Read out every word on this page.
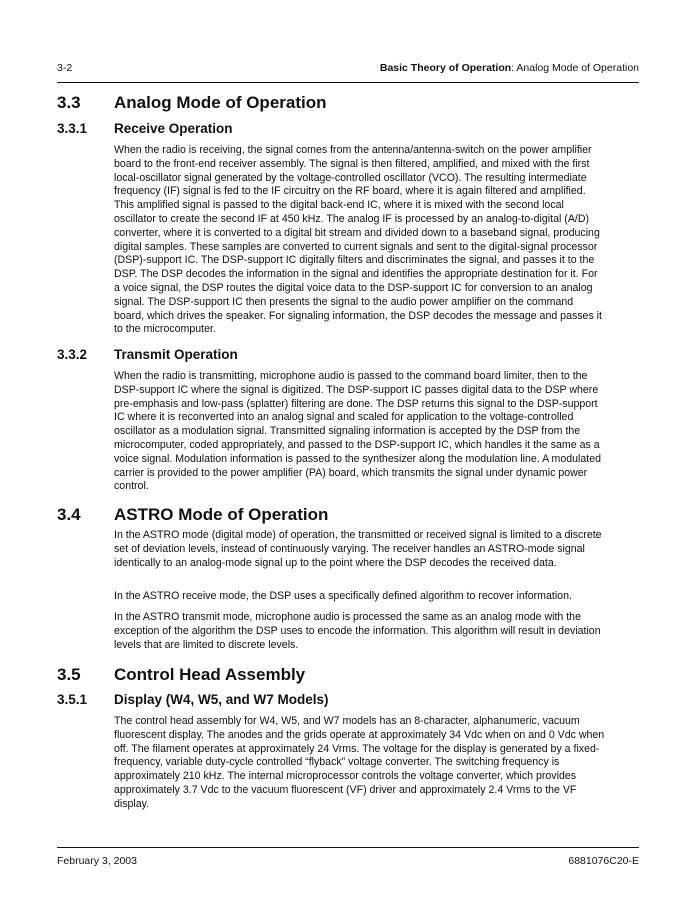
3-2	Basic Theory of Operation: Analog Mode of Operation
3.3 Analog Mode of Operation
3.3.1 Receive Operation

When the radio is receiving, the signal comes from the antenna/antenna-switch on the power amplifier board to the front-end receiver assembly. The signal is then filtered, amplified, and mixed with the first local-oscillator signal generated by the voltage-controlled oscillator (VCO). The resulting intermediate frequency (IF) signal is fed to the IF circuitry on the RF board, where it is again filtered and amplified. This amplified signal is passed to the digital back-end IC, where it is mixed with the second local oscillator to create the second IF at 450 kHz. The analog IF is processed by an analog-to-digital (A/D) converter, where it is converted to a digital bit stream and divided down to a baseband signal, producing digital samples. These samples are converted to current signals and sent to the digital-signal processor (DSP)-support IC. The DSP-support IC digitally filters and discriminates the signal, and passes it to the DSP. The DSP decodes the information in the signal and identifies the appropriate destination for it. For a voice signal, the DSP routes the digital voice data to the DSP-support IC for conversion to an analog signal. The DSP-support IC then presents the signal to the audio power amplifier on the command board, which drives the speaker. For signaling information, the DSP decodes the message and passes it to the microcomputer.

3.3.2 Transmit Operation

When the radio is transmitting, microphone audio is passed to the command board limiter, then to the DSP-support IC where the signal is digitized. The DSP-support IC passes digital data to the DSP where pre-emphasis and low-pass (splatter) filtering are done. The DSP returns this signal to the DSP-support IC where it is reconverted into an analog signal and scaled for application to the voltage-controlled oscillator as a modulation signal. Transmitted signaling information is accepted by the DSP from the microcomputer, coded appropriately, and passed to the DSP-support IC, which handles it the same as a voice signal. Modulation information is passed to the synthesizer along the modulation line. A modulated carrier is provided to the power amplifier (PA) board, which transmits the signal under dynamic power control.

3.4 ASTRO Mode of Operation

In the ASTRO mode (digital mode) of operation, the transmitted or received signal is limited to a discrete set of deviation levels, instead of continuously varying. The receiver handles an ASTRO-mode signal identically to an analog-mode signal up to the point where the DSP decodes the received data.

In the ASTRO receive mode, the DSP uses a specifically defined algorithm to recover information.

In the ASTRO transmit mode, microphone audio is processed the same as an analog mode with the exception of the algorithm the DSP uses to encode the information. This algorithm will result in deviation levels that are limited to discrete levels.

3.5 Control Head Assembly
3.5.1 Display (W4, W5, and W7 Models)

The control head assembly for W4, W5, and W7 models has an 8-character, alphanumeric, vacuum fluorescent display. The anodes and the grids operate at approximately 34 Vdc when on and 0 Vdc when off. The filament operates at approximately 24 Vrms. The voltage for the display is generated by a fixed-frequency, variable duty-cycle controlled “flyback” voltage converter. The switching frequency is approximately 210 kHz. The internal microprocessor controls the voltage converter, which provides approximately 3.7 Vdc to the vacuum fluorescent (VF) driver and approximately 2.4 Vrms to the VF display.

February 3, 2003	6881076C20-E
